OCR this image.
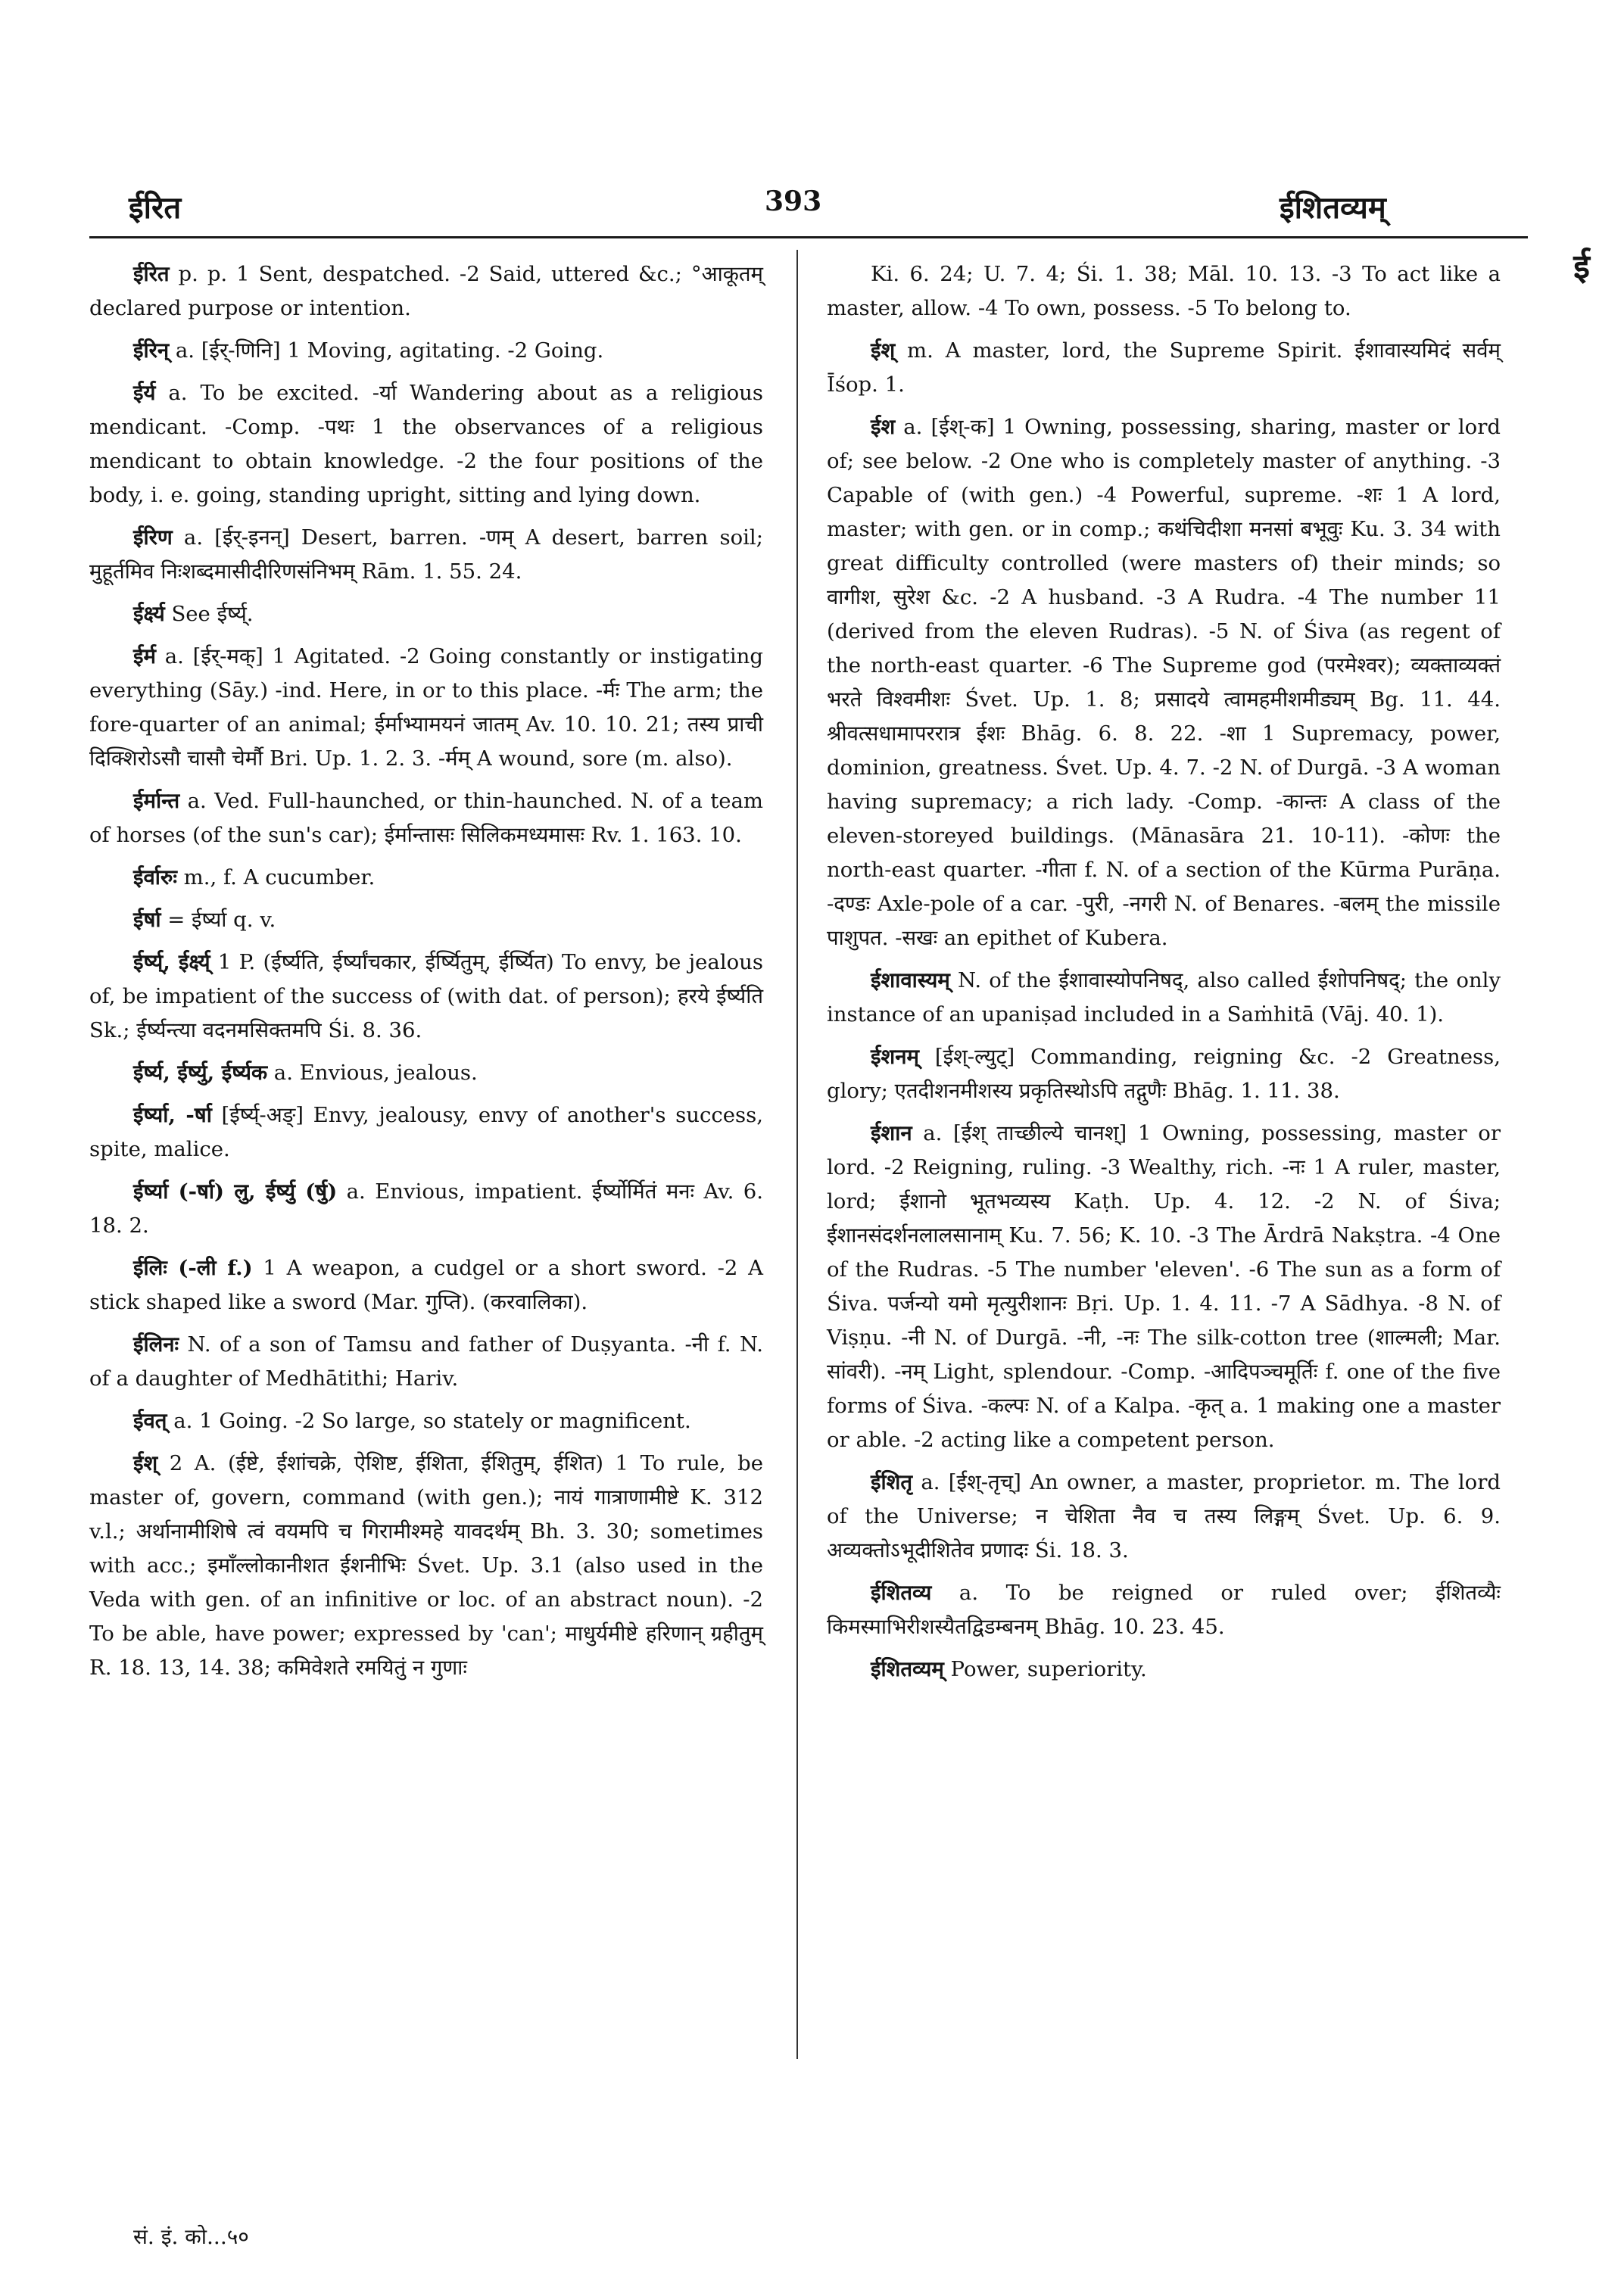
ईरित	393	ईशितव्यम्
ई

ईरित p. p. 1 Sent, despatched. -2 Said, uttered &c.; °आकूतम् declared purpose or intention.

ईरिन् a. [ईर्-णिनि] 1 Moving, agitating. -2 Going.

ईर्य a. To be excited. -र्या Wandering about as a religious mendicant. -Comp. -पथः 1 the observances of a religious mendicant to obtain knowledge. -2 the four positions of the body, i. e. going, standing upright, sitting and lying down.

ईरिण a. [ईर्-इनन्] Desert, barren. -णम् A desert, barren soil; मुहूर्तमिव निःशब्दमासीदीरिणसंनिभम् Rām. 1. 55. 24.

ईर्क्ष्य See ईर्ष्य्.

ईर्म a. [ईर्-मक्] 1 Agitated. -2 Going constantly or instigating everything (Sāy.) -ind. Here, in or to this place. -र्मः The arm; the fore-quarter of an animal; ईर्माभ्यामयनं जातम् Av. 10. 10. 21; तस्य प्राची दिक्शिरोऽसौ चासौ चेर्मौ Bri. Up. 1. 2. 3. -र्मम् A wound, sore (m. also).

ईर्मान्त a. Ved. Full-haunched, or thin-haunched. N. of a team of horses (of the sun's car); ईर्मान्तासः सिलिकमध्यमासः Rv. 1. 163. 10.

ईर्वारुः m., f. A cucumber.

ईर्षा = ईर्ष्या q. v.

ईर्ष्य्, ईर्क्ष्य् 1 P. (ईर्ष्यति, ईर्ष्यांचकार, ईर्ष्यितुम्, ईर्ष्यित) To envy, be jealous of, be impatient of the success of (with dat. of person); हरये ईर्ष्यति Sk.; ईर्ष्यन्त्या वदनमसिक्तमपि Śi. 8. 36.

ईर्ष्य, ईर्ष्यु, ईर्ष्यक a. Envious, jealous.

ईर्ष्या, -र्षा [ईर्ष्य्-अङ्] Envy, jealousy, envy of another's success, spite, malice.

ईर्ष्या (-र्षा) लु, ईर्ष्यु (र्षु) a. Envious, impatient. ईर्ष्योर्मितं मनः Av. 6. 18. 2.

ईलिः (-ली f.) 1 A weapon, a cudgel or a short sword. -2 A stick shaped like a sword (Mar. गुप्ति). (करवालिका).

ईलिनः N. of a son of Tamsu and father of Duṣyanta. -नी f. N. of a daughter of Medhātithi; Hariv.

ईवत् a. 1 Going. -2 So large, so stately or magnificent.

ईश् 2 A. (ईष्टे, ईशांचक्रे, ऐशिष्ट, ईशिता, ईशितुम्, ईशित) 1 To rule, be master of, govern, command (with gen.); नायं गात्राणामीष्टे K. 312 v.l.; अर्थानामीशिषे त्वं वयमपि च गिरामीश्महे यावदर्थम् Bh. 3. 30; sometimes with acc.; इमाँल्लोकानीशत ईशनीभिः Śvet. Up. 3.1 (also used in the Veda with gen. of an infinitive or loc. of an abstract noun). -2 To be able, have power; expressed by 'can'; माधुर्यमीष्टे हरिणान् ग्रहीतुम् R. 18. 13, 14. 38; कमिवेशते रमयितुं न गुणाः

Ki. 6. 24; U. 7. 4; Śi. 1. 38; Māl. 10. 13. -3 To act like a master, allow. -4 To own, possess. -5 To belong to.

ईश् m. A master, lord, the Supreme Spirit. ईशावास्यमिदं सर्वम् Īśop. 1.

ईश a. [ईश्-क] 1 Owning, possessing, sharing, master or lord of; see below. -2 One who is completely master of anything. -3 Capable of (with gen.) -4 Powerful, supreme. -शः 1 A lord, master; with gen. or in comp.; कथंचिदीशा मनसां बभूवुः Ku. 3. 34 with great difficulty controlled (were masters of) their minds; so वागीश, सुरेश &c. -2 A husband. -3 A Rudra. -4 The number 11 (derived from the eleven Rudras). -5 N. of Śiva (as regent of the north-east quarter. -6 The Supreme god (परमेश्वर); व्यक्ताव्यक्तं भरते विश्वमीशः Śvet. Up. 1. 8; प्रसादये त्वामहमीशमीड्यम् Bg. 11. 44. श्रीवत्सधामापररात्र ईशः Bhāg. 6. 8. 22. -शा 1 Supremacy, power, dominion, greatness. Śvet. Up. 4. 7. -2 N. of Durgā. -3 A woman having supremacy; a rich lady. -Comp. -कान्तः A class of the eleven-storeyed buildings. (Mānasāra 21. 10-11). -कोणः the north-east quarter. -गीता f. N. of a section of the Kūrma Purāṇa. -दण्डः Axle-pole of a car. -पुरी, -नगरी N. of Benares. -बलम् the missile पाशुपत. -सखः an epithet of Kubera.

ईशावास्यम् N. of the ईशावास्योपनिषद्, also called ईशोपनिषद्; the only instance of an upaniṣad included in a Saṁhitā (Vāj. 40. 1).

ईशनम् [ईश्-ल्युट्] Commanding, reigning &c. -2 Greatness, glory; एतदीशनमीशस्य प्रकृतिस्थोऽपि तद्गुणैः Bhāg. 1. 11. 38.

ईशान a. [ईश् ताच्छील्ये चानश्] 1 Owning, possessing, master or lord. -2 Reigning, ruling. -3 Wealthy, rich. -नः 1 A ruler, master, lord; ईशानो भूतभव्यस्य Kaṭh. Up. 4. 12. -2 N. of Śiva; ईशानसंदर्शनलालसानाम् Ku. 7. 56; K. 10. -3 The Ārdrā Nakṣtra. -4 One of the Rudras. -5 The number 'eleven'. -6 The sun as a form of Śiva. पर्जन्यो यमो मृत्युरीशानः Bṛi. Up. 1. 4. 11. -7 A Sādhya. -8 N. of Viṣṇu. -नी N. of Durgā. -नी, -नः The silk-cotton tree (शाल्मली; Mar. सांवरी). -नम् Light, splendour. -Comp. -आदिपञ्चमूर्तिः f. one of the five forms of Śiva. -कल्पः N. of a Kalpa. -कृत् a. 1 making one a master or able. -2 acting like a competent person.

ईशितृ a. [ईश्-तृच्] An owner, a master, proprietor. m. The lord of the Universe; न चेशिता नैव च तस्य लिङ्गम् Śvet. Up. 6. 9. अव्यक्तोऽभूदीशितेव प्रणादः Śi. 18. 3.

ईशितव्य a. To be reigned or ruled over; ईशितव्यैः किमस्माभिरीशस्यैतद्विडम्बनम् Bhāg. 10. 23. 45.

ईशितव्यम् Power, superiority.

सं. इं. को...५०
